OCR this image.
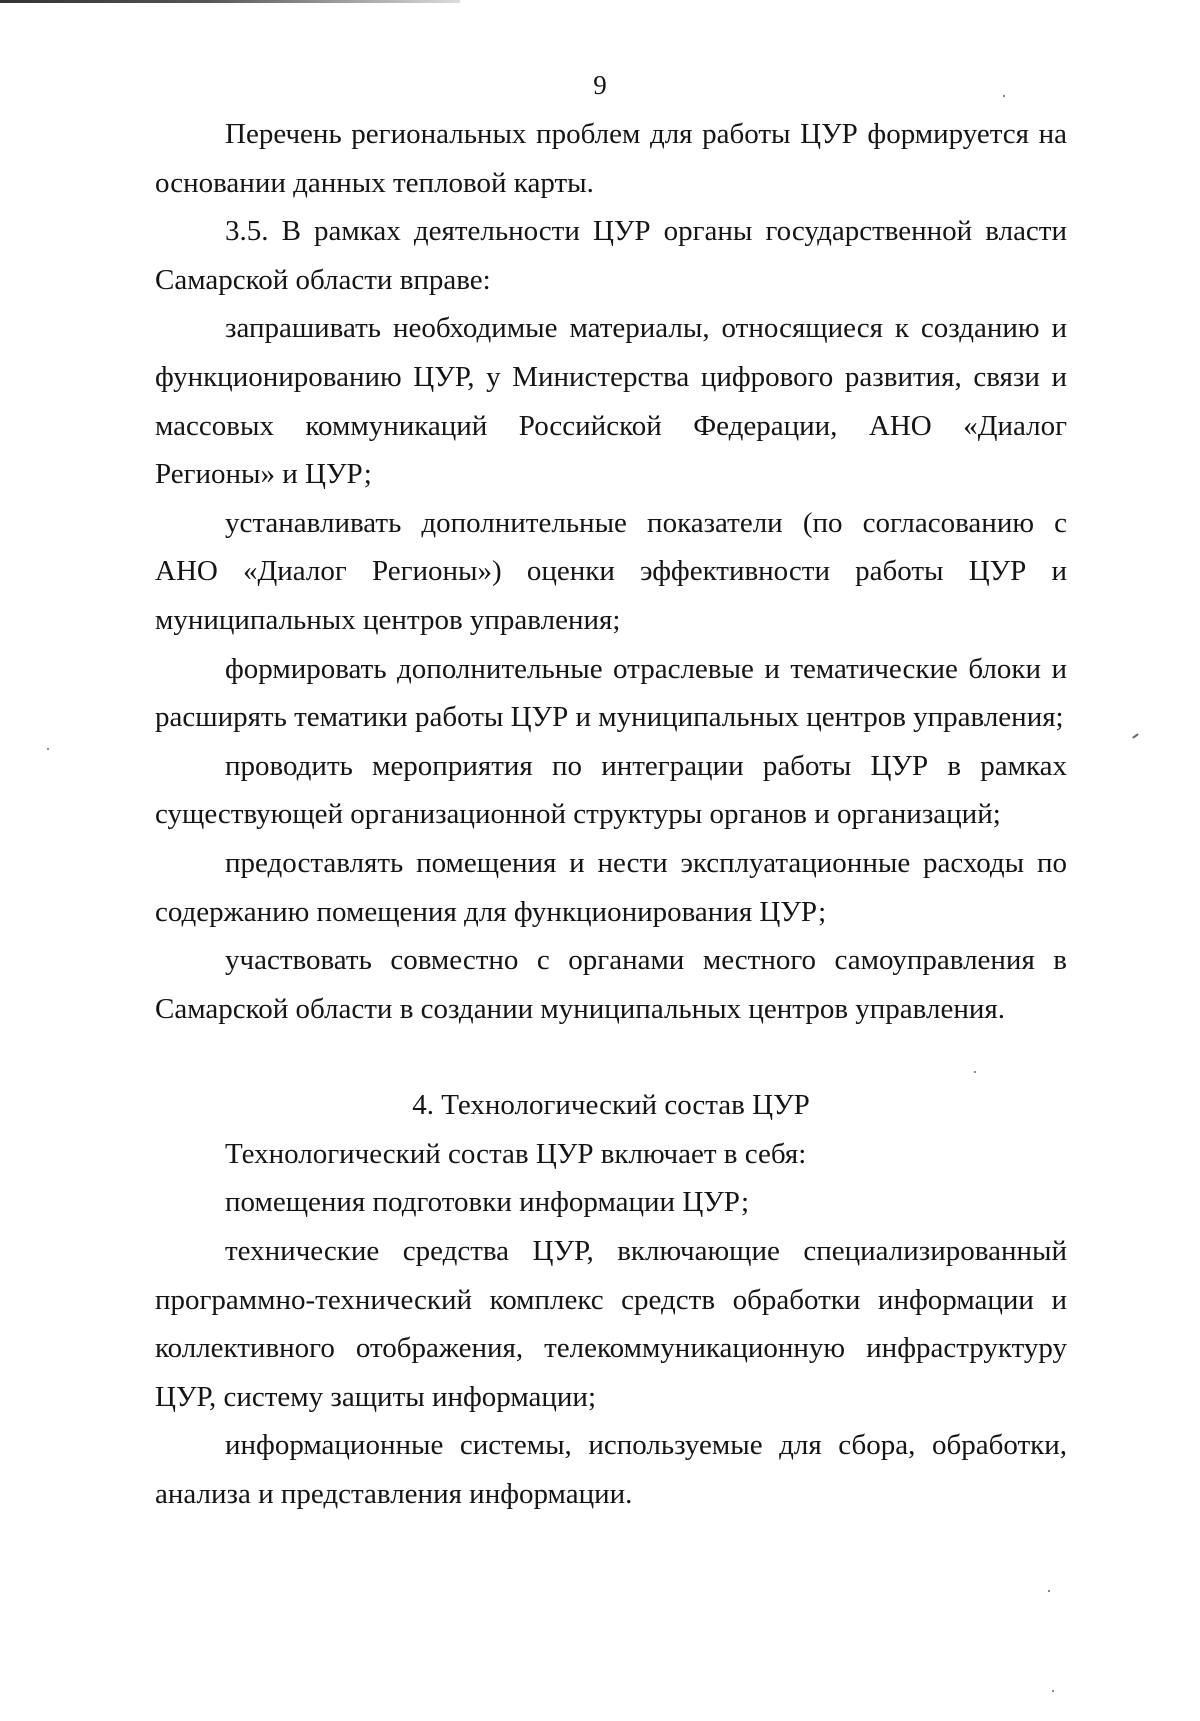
9

Перечень региональных проблем для работы ЦУР формируется на основании данных тепловой карты.

3.5. В рамках деятельности ЦУР органы государственной власти Самарской области вправе:

запрашивать необходимые материалы, относящиеся к созданию и функционированию ЦУР, у Министерства цифрового развития, связи и массовых коммуникаций Российской Федерации, АНО «Диалог Регионы» и ЦУР;

устанавливать дополнительные показатели (по согласованию с АНО «Диалог Регионы») оценки эффективности работы ЦУР и муниципальных центров управления;

формировать дополнительные отраслевые и тематические блоки и расширять тематики работы ЦУР и муниципальных центров управления;

проводить мероприятия по интеграции работы ЦУР в рамках существующей организационной структуры органов и организаций;

предоставлять помещения и нести эксплуатационные расходы по содержанию помещения для функционирования ЦУР;

участвовать совместно с органами местного самоуправления в Самарской области в создании муниципальных центров управления.

4. Технологический состав ЦУР

Технологический состав ЦУР включает в себя:

помещения подготовки информации ЦУР;

технические средства ЦУР, включающие специализированный программно-технический комплекс средств обработки информации и коллективного отображения, телекоммуникационную инфраструктуру ЦУР, систему защиты информации;

информационные системы, используемые для сбора, обработки, анализа и представления информации.
